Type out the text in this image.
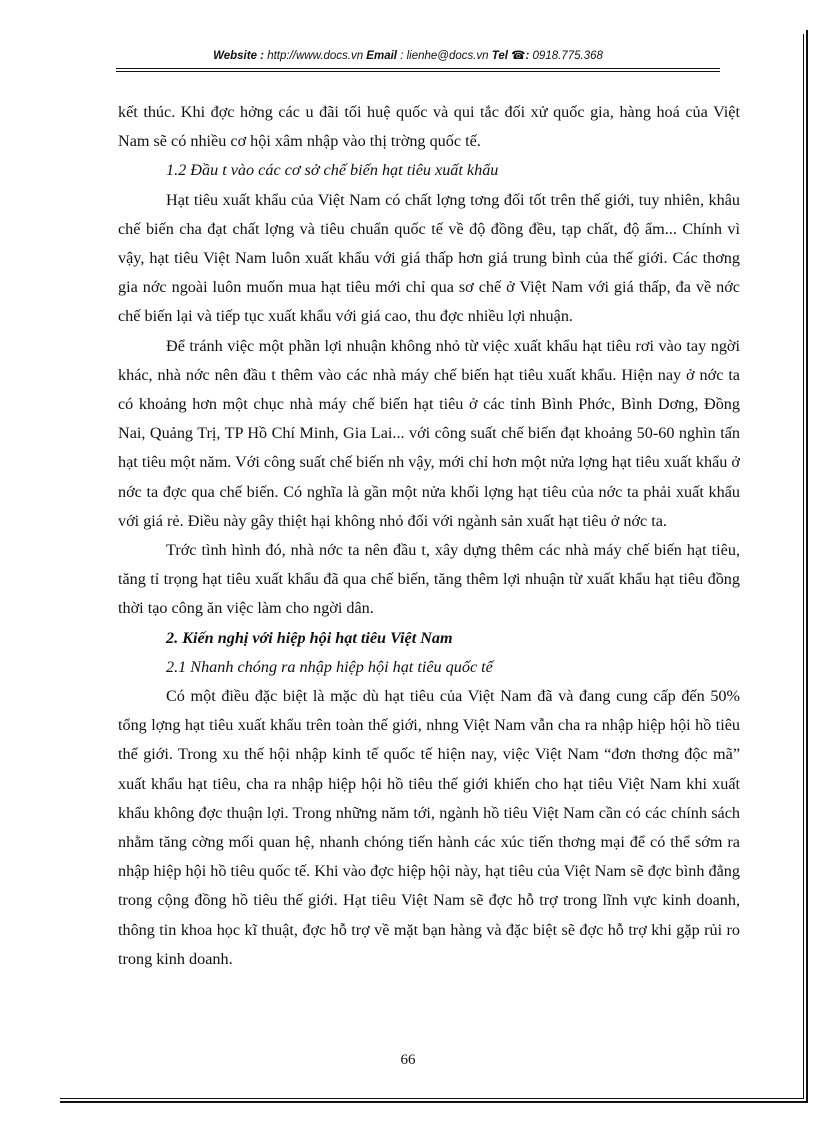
Website : http://www.docs.vn Email : lienhe@docs.vn Tel ☎: 0918.775.368

kết thúc. Khi đợc hởng các u đãi tối huệ quốc và qui tắc đối xử quốc gia, hàng hoá của Việt Nam sẽ có nhiều cơ hội xâm nhập vào thị trờng quốc tế.

1.2 Đầu t vào các cơ sở chế biến hạt tiêu xuất khẩu

Hạt tiêu xuất khẩu của Việt Nam có chất lợng tơng đối tốt trên thế giới, tuy nhiên, khâu chế biến cha đạt chất lợng và tiêu chuẩn quốc tế về độ đồng đều, tạp chất, độ ẩm... Chính vì vậy, hạt tiêu Việt Nam luôn xuất khẩu với giá thấp hơn giá trung bình của thế giới. Các thơng gia nớc ngoài luôn muốn mua hạt tiêu mới chỉ qua sơ chế ở Việt Nam với giá thấp, đa về nớc chế biến lại và tiếp tục xuất khẩu với giá cao, thu đợc nhiều lợi nhuận.

Để tránh việc một phần lợi nhuận không nhỏ từ việc xuất khẩu hạt tiêu rơi vào tay ngời khác, nhà nớc nên đầu t thêm vào các nhà máy chế biến hạt tiêu xuất khẩu. Hiện nay ở nớc ta có khoảng hơn một chục nhà máy chế biến hạt tiêu ở các tỉnh Bình Phớc, Bình Dơng, Đồng Nai, Quảng Trị, TP Hồ Chí Minh, Gia Lai... với công suất chế biến đạt khoảng 50-60 nghìn tấn hạt tiêu một năm. Với công suất chế biến nh vậy, mới chỉ hơn một nửa lợng hạt tiêu xuất khẩu ở nớc ta đợc qua chế biến. Có nghĩa là gần một nửa khối lợng hạt tiêu của nớc ta phải xuất khẩu với giá rẻ. Điều này gây thiệt hại không nhỏ đối với ngành sản xuất hạt tiêu ở nớc ta.

Trớc tình hình đó, nhà nớc ta nên đầu t, xây dựng thêm các nhà máy chế biến hạt tiêu, tăng tỉ trọng hạt tiêu xuất khẩu đã qua chế biến, tăng thêm lợi nhuận từ xuất khẩu hạt tiêu đồng thời tạo công ăn việc làm cho ngời dân.

2. Kiến nghị với hiệp hội hạt tiêu Việt Nam

2.1 Nhanh chóng ra nhập hiệp hội hạt tiêu quốc tế

Có một điều đặc biệt là mặc dù hạt tiêu của Việt Nam đã và đang cung cấp đến 50% tổng lợng hạt tiêu xuất khẩu trên toàn thế giới, nhng Việt Nam vẫn cha ra nhập hiệp hội hồ tiêu thế giới. Trong xu thế hội nhập kinh tế quốc tế hiện nay, việc Việt Nam “đơn thơng độc mã” xuất khẩu hạt tiêu, cha ra nhập hiệp hội hồ tiêu thế giới khiến cho hạt tiêu Việt Nam khi xuất khẩu không đợc thuận lợi. Trong những năm tới, ngành hồ tiêu Việt Nam cần có các chính sách nhằm tăng cờng mối quan hệ, nhanh chóng tiến hành các xúc tiến thơng mại để có thể sớm ra nhập hiệp hội hồ tiêu quốc tế. Khi vào đợc hiệp hội này, hạt tiêu của Việt Nam sẽ đợc bình đẳng trong cộng đồng hồ tiêu thế giới. Hạt tiêu Việt Nam sẽ đợc hỗ trợ trong lĩnh vực kinh doanh, thông tin khoa học kĩ thuật, đợc hỗ trợ về mặt bạn hàng và đặc biệt sẽ đợc hỗ trợ khi gặp rủi ro trong kinh doanh.

66
